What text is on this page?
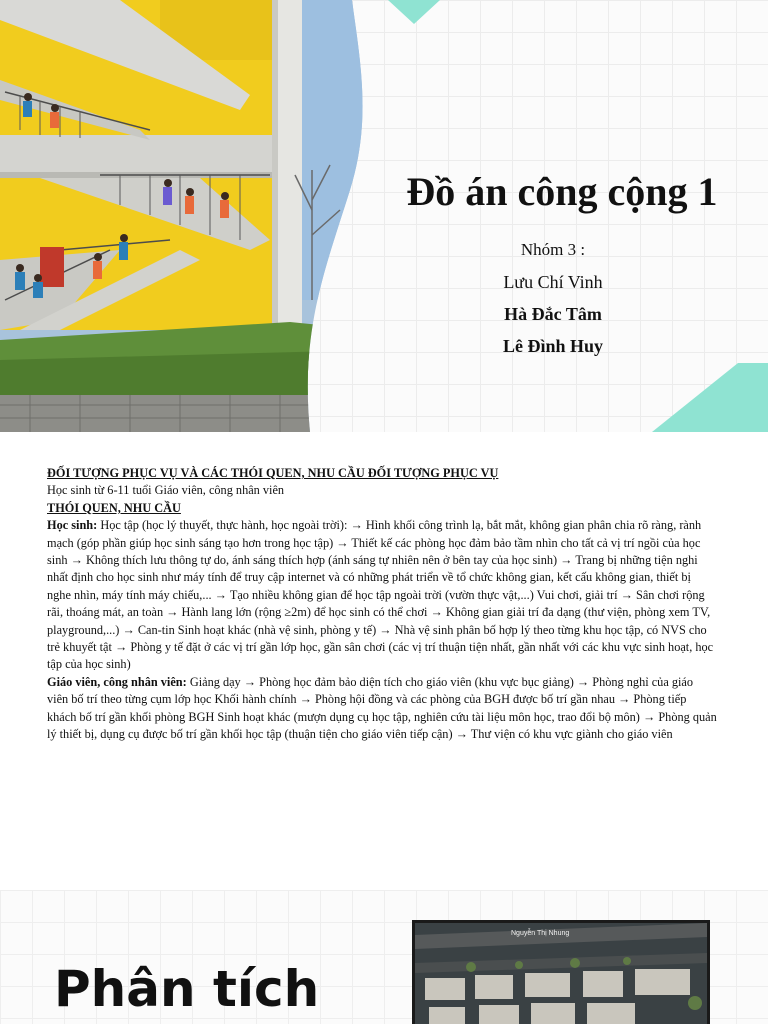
Đồ án công cộng 1
Nhóm 3 :
Lưu Chí Vinh
Hà Đắc Tâm
Lê Đình Huy

ĐỐI TƯỢNG PHỤC VỤ VÀ CÁC THÓI QUEN, NHU CẦU ĐỐI TƯỢNG PHỤC VỤ

Học sinh từ 6-11 tuổi Giáo viên, công nhân viên

THÓI QUEN, NHU CẦU

Học sinh: Học tập (học lý thuyết, thực hành, học ngoài trời): → Hình khối công trình lạ, bắt mắt, không gian phân chia rõ ràng, rành mạch (góp phần giúp học sinh sáng tạo hơn trong học tập) → Thiết kế các phòng học đảm bảo tầm nhìn cho tất cả vị trí ngồi của học sinh → Không thích lưu thông tự do, ánh sáng thích hợp (ánh sáng tự nhiên nên ở bên tay của học sinh) → Trang bị những tiện nghi nhất định cho học sinh như máy tính để truy cập internet và có những phát triển về tổ chức không gian, kết cấu không gian, thiết bị nghe nhìn, máy tính máy chiếu,... → Tạo nhiều không gian để học tập ngoài trời (vườn thực vật,...) Vui chơi, giải trí → Sân chơi rộng rãi, thoáng mát, an toàn → Hành lang lớn (rộng ≥2m) để học sinh có thể chơi → Không gian giải trí đa dạng (thư viện, phòng xem TV, playground,...) → Can-tin Sinh hoạt khác (nhà vệ sinh, phòng y tế) → Nhà vệ sinh phân bố hợp lý theo từng khu học tập, có NVS cho trẻ khuyết tật → Phòng y tế đặt ở các vị trí gần lớp học, gần sân chơi (các vị trí thuận tiện nhất, gần nhất với các khu vực sinh hoạt, học tập của học sinh)

Giáo viên, công nhân viên: Giảng dạy → Phòng học đảm bảo diện tích cho giáo viên (khu vực bục giảng) → Phòng nghỉ của giáo viên bố trí theo từng cụm lớp học Khối hành chính → Phòng hội đồng và các phòng của BGH được bố trí gần nhau → Phòng tiếp khách bố trí gần khối phòng BGH Sinh hoạt khác (mượn dụng cụ học tập, nghiên cứu tài liệu môn học, trao đổi bộ môn) → Phòng quản lý thiết bị, dụng cụ được bố trí gần khối học tập (thuận tiện cho giáo viên tiếp cận) → Thư viện có khu vực giành cho giáo viên

Phân tích
Nguyễn Thị Nhung
